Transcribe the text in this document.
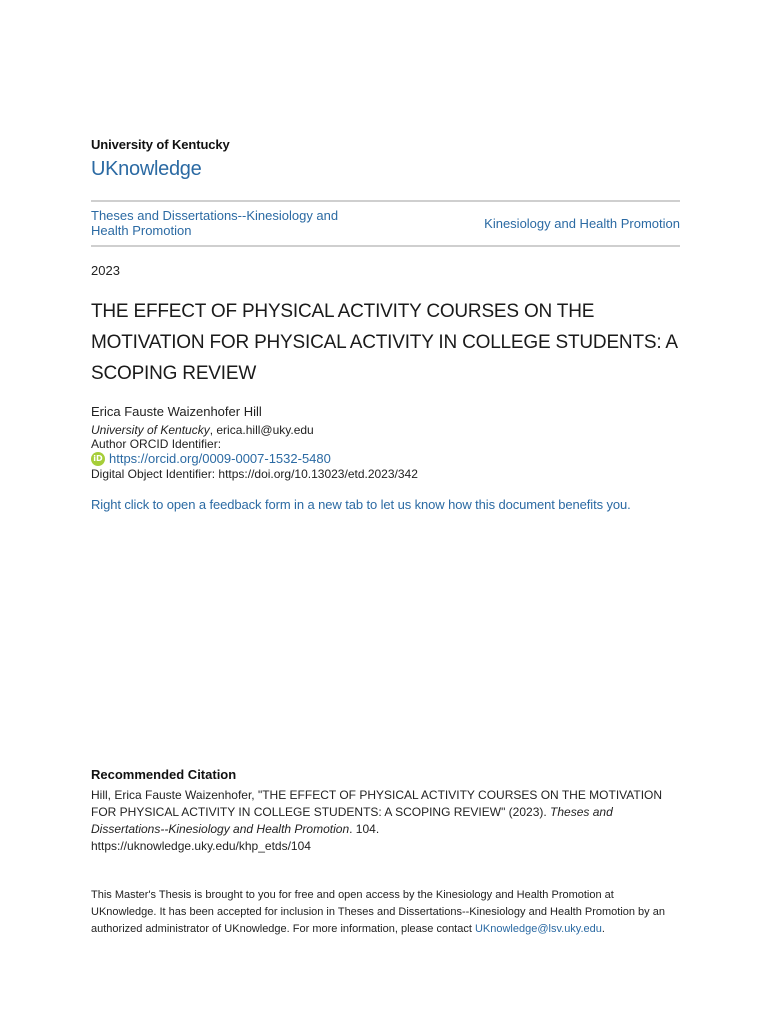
University of Kentucky
UKnowledge
Theses and Dissertations--Kinesiology and Health Promotion	Kinesiology and Health Promotion
2023
THE EFFECT OF PHYSICAL ACTIVITY COURSES ON THE MOTIVATION FOR PHYSICAL ACTIVITY IN COLLEGE STUDENTS: A SCOPING REVIEW
Erica Fauste Waizenhofer Hill
University of Kentucky, erica.hill@uky.edu
Author ORCID Identifier:
iD https://orcid.org/0009-0007-1532-5480
Digital Object Identifier: https://doi.org/10.13023/etd.2023/342
Right click to open a feedback form in a new tab to let us know how this document benefits you.
Recommended Citation
Hill, Erica Fauste Waizenhofer, "THE EFFECT OF PHYSICAL ACTIVITY COURSES ON THE MOTIVATION FOR PHYSICAL ACTIVITY IN COLLEGE STUDENTS: A SCOPING REVIEW" (2023). Theses and Dissertations--Kinesiology and Health Promotion. 104.
https://uknowledge.uky.edu/khp_etds/104
This Master's Thesis is brought to you for free and open access by the Kinesiology and Health Promotion at UKnowledge. It has been accepted for inclusion in Theses and Dissertations--Kinesiology and Health Promotion by an authorized administrator of UKnowledge. For more information, please contact UKnowledge@lsv.uky.edu.
